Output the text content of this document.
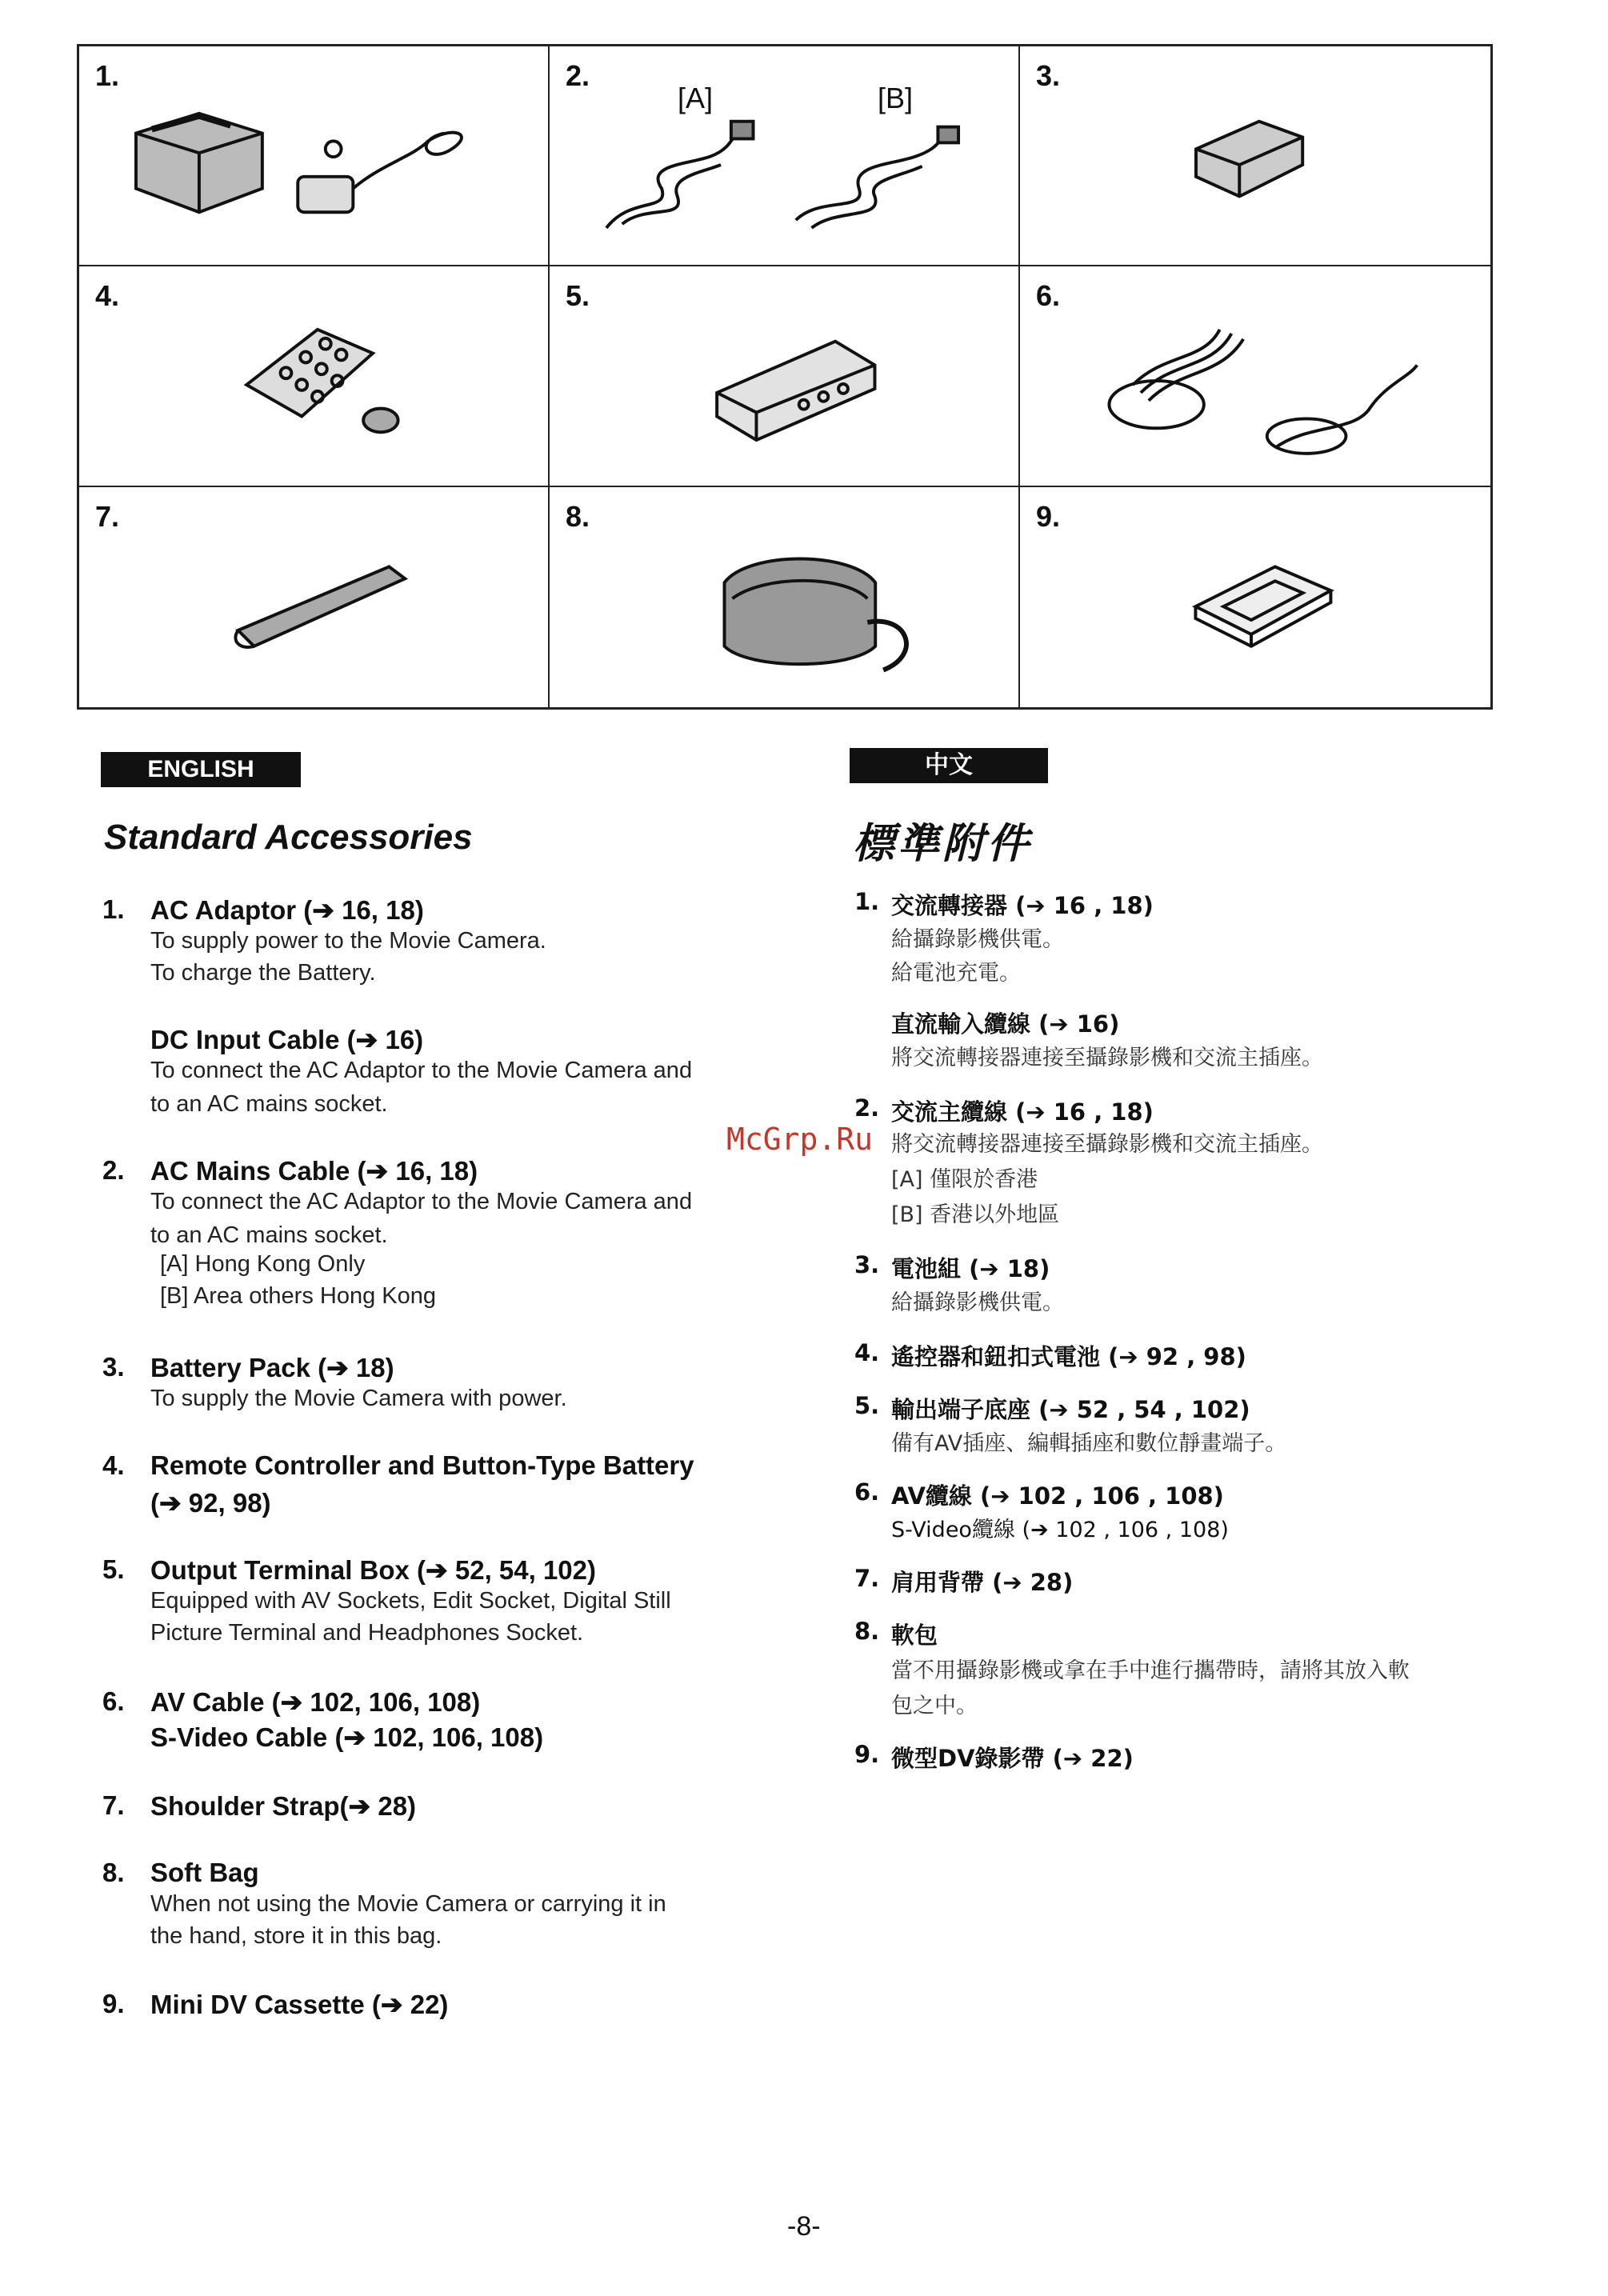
1.	2.
[A]	[B]
3.
4.	5.	6.
7.	8.	9.
ENGLISH	中文
Standard Accessories	標準附件
1. AC Adaptor (➔ 16, 18)
To supply power to the Movie Camera.
To charge the Battery.
DC Input Cable (➔ 16)
To connect the AC Adaptor to the Movie Camera and
to an AC mains socket.
2. AC Mains Cable (➔ 16, 18)
To connect the AC Adaptor to the Movie Camera and
to an AC mains socket.
[A] Hong Kong Only
[B] Area others Hong Kong
3. Battery Pack (➔ 18)
To supply the Movie Camera with power.
4. Remote Controller and Button-Type Battery
(➔ 92, 98)
5. Output Terminal Box (➔ 52, 54, 102)
Equipped with AV Sockets, Edit Socket, Digital Still
Picture Terminal and Headphones Socket.
6. AV Cable (➔ 102, 106, 108)
S-Video Cable (➔ 102, 106, 108)
7. Shoulder Strap(➔ 28)
8. Soft Bag
When not using the Movie Camera or carrying it in
the hand, store it in this bag.
9. Mini DV Cassette (➔ 22)
1. 交流轉接器 (➔ 16 , 18)
給攝錄影機供電。
給電池充電。
直流輸入纜線 (➔ 16)
將交流轉接器連接至攝錄影機和交流主插座。
2. 交流主纜線 (➔ 16 , 18)
將交流轉接器連接至攝錄影機和交流主插座。
[A] 僅限於香港
[B] 香港以外地區
3. 電池組 (➔ 18)
給攝錄影機供電。
4. 遙控器和鈕扣式電池 (➔ 92 , 98)
5. 輸出端子底座 (➔ 52 , 54 , 102)
備有AV插座、編輯插座和數位靜畫端子。
6. AV纜線 (➔ 102 , 106 , 108)
S-Video纜線 (➔ 102 , 106 , 108)
7. 肩用背帶 (➔ 28)
8. 軟包
當不用攝錄影機或拿在手中進行攜帶時，請將其放入軟
包之中。
9. 微型DV錄影帶 (➔ 22)
McGrp.Ru
-8-
